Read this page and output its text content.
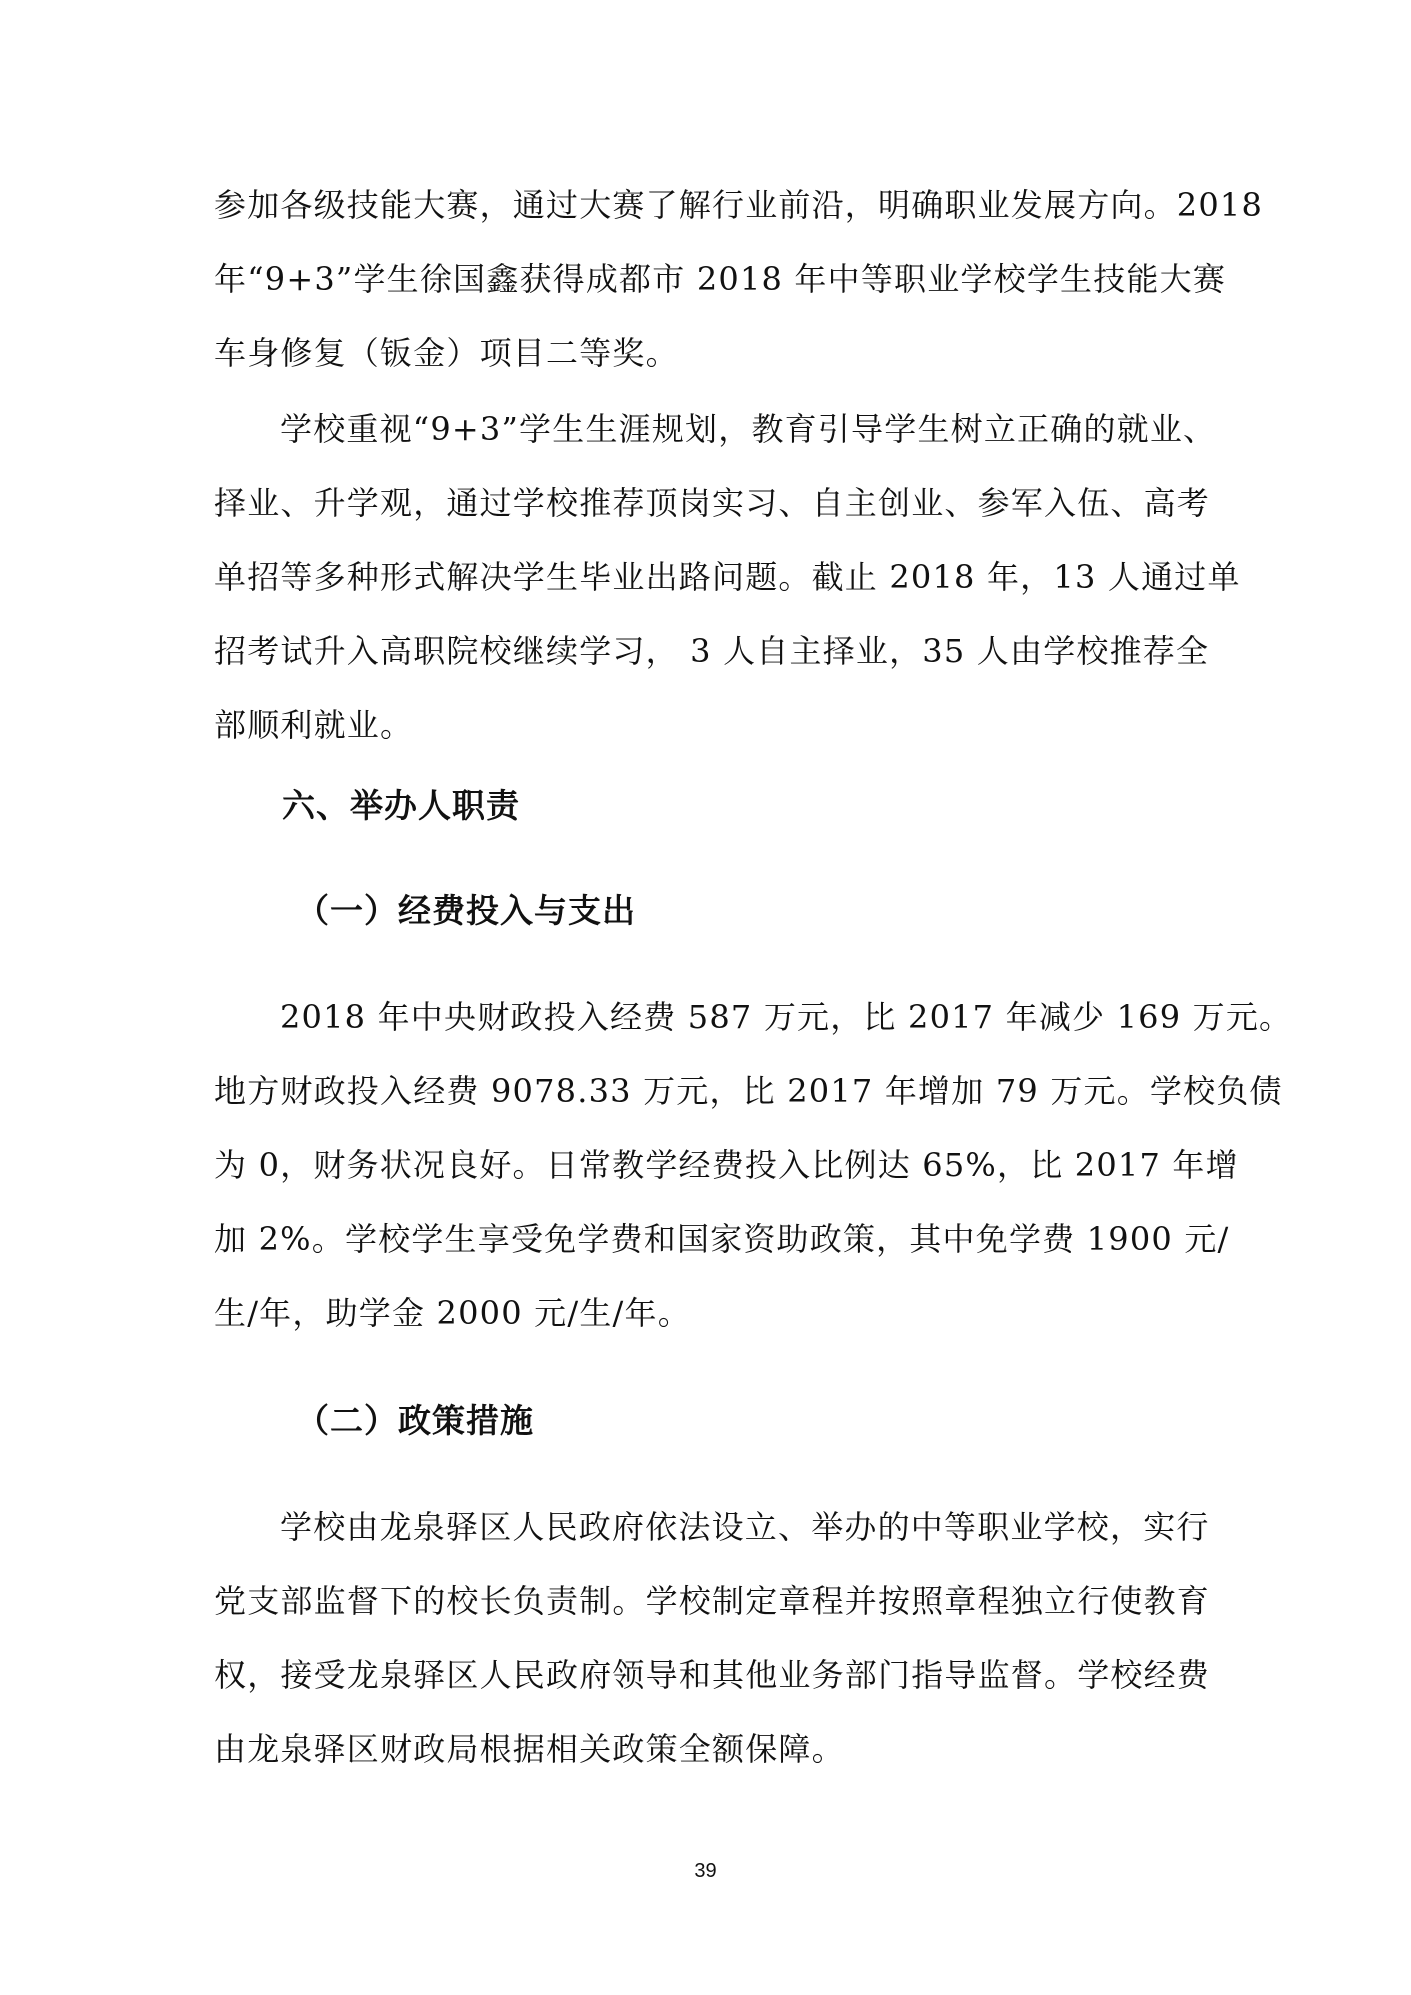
参加各级技能大赛，通过大赛了解行业前沿，明确职业发展方向。2018
年“9+3”学生徐国鑫获得成都市 2018 年中等职业学校学生技能大赛
车身修复（钣金）项目二等奖。
学校重视“9+3”学生生涯规划，教育引导学生树立正确的就业、
择业、升学观，通过学校推荐顶岗实习、自主创业、参军入伍、高考
单招等多种形式解决学生毕业出路问题。截止 2018 年，13 人通过单
招考试升入高职院校继续学习， 3 人自主择业，35 人由学校推荐全
部顺利就业。
六、举办人职责
（一）经费投入与支出
2018 年中央财政投入经费 587 万元，比 2017 年减少 169 万元。
地方财政投入经费 9078.33 万元，比 2017 年增加 79 万元。学校负债
为 0，财务状况良好。日常教学经费投入比例达 65%，比 2017 年增
加 2%。学校学生享受免学费和国家资助政策，其中免学费 1900 元/
生/年，助学金 2000 元/生/年。
（二）政策措施
学校由龙泉驿区人民政府依法设立、举办的中等职业学校，实行
党支部监督下的校长负责制。学校制定章程并按照章程独立行使教育
权，接受龙泉驿区人民政府领导和其他业务部门指导监督。学校经费
由龙泉驿区财政局根据相关政策全额保障。
39
